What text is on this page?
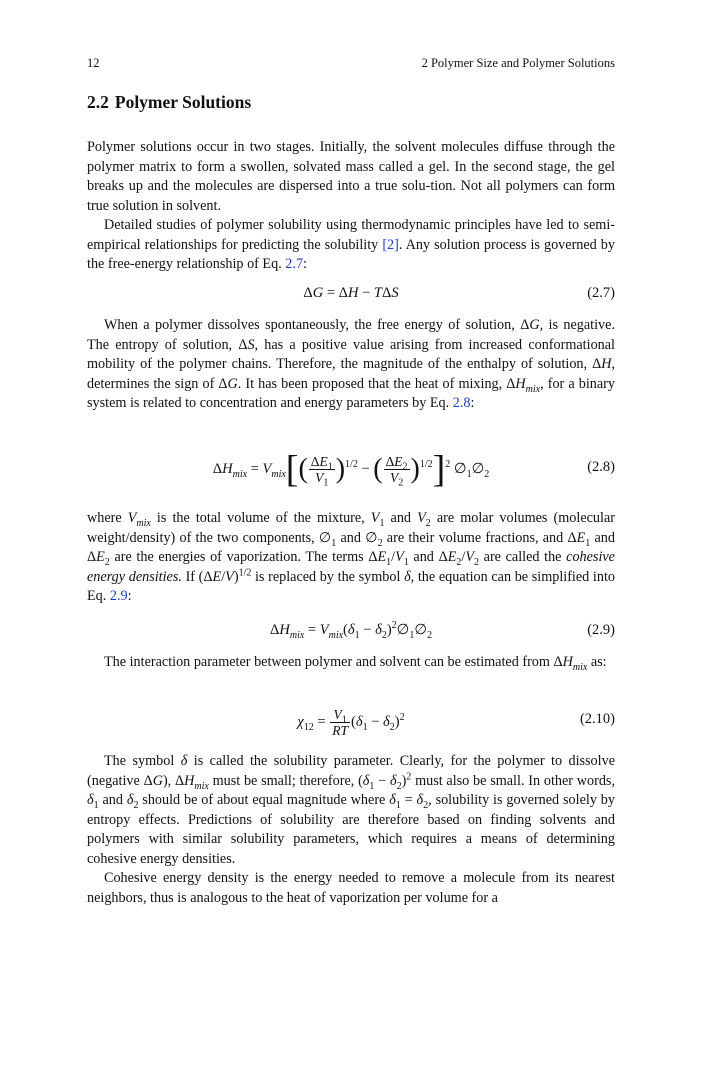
12	2 Polymer Size and Polymer Solutions
2.2 Polymer Solutions

Polymer solutions occur in two stages. Initially, the solvent molecules diffuse through the polymer matrix to form a swollen, solvated mass called a gel. In the second stage, the gel breaks up and the molecules are dispersed into a true solu-tion. Not all polymers can form true solution in solvent.

Detailed studies of polymer solubility using thermodynamic principles have led to semi-empirical relationships for predicting the solubility [2]. Any solution process is governed by the free-energy relationship of Eq. 2.7:

ΔG = ΔH − TΔS	(2.7)

When a polymer dissolves spontaneously, the free energy of solution, ΔG, is negative. The entropy of solution, ΔS, has a positive value arising from increased conformational mobility of the polymer chains. Therefore, the magnitude of the enthalpy of solution, ΔH, determines the sign of ΔG. It has been proposed that the heat of mixing, $\Delta H_{mix}$, for a binary system is related to concentration and energy parameters by Eq. 2.8:

$\Delta H_{mix} = V_{mix}[( \frac{\Delta E_1}{V_1} )^{1/2}$ − ( $\frac{\Delta E_2}{V_2} )^{1/2}]^2$ $\emptyset_1\emptyset_2$	(2.8)

where $V_{mix}$ is the total volume of the mixture, $V_1$ and $V_2$ are molar volumes (molecular weight/density) of the two components, $\emptyset_1$ and $\emptyset_2$ are their volume fractions, and $\Delta E_1$ and $\Delta E_2$ are the energies of vaporization. The terms $\Delta E_1/V_1$ and $\Delta E_2/V_2$ are called the cohesive energy densities. If $(\Delta E/V)^{1/2}$ is replaced by the symbol δ, the equation can be simplified into Eq. 2.9:

$\Delta H_{mix} = V_{mix}(\delta_1$ − $\delta_2)^2\emptyset_1\emptyset_2$	(2.9)

The interaction parameter between polymer and solvent can be estimated from $\Delta H_{mix}$ as:

$\chi_{12} = \frac{V_1}{RT} (\delta_1 - \delta_2)^2$	(2.10)

The symbol δ is called the solubility parameter. Clearly, for the polymer to dissolve (negative ΔG), $\Delta H_{mix}$ must be small; therefore, $(\delta_1 - \delta_2)^2$ must also be small. In other words, $\delta_1$ and $\delta_2$ should be of about equal magnitude where $\delta_1 = \delta_2$, solubility is governed solely by entropy effects. Predictions of solubility are therefore based on finding solvents and polymers with similar solubility parameters, which requires a means of determining cohesive energy densities.

Cohesive energy density is the energy needed to remove a molecule from its nearest neighbors, thus is analogous to the heat of vaporization per volume for a
